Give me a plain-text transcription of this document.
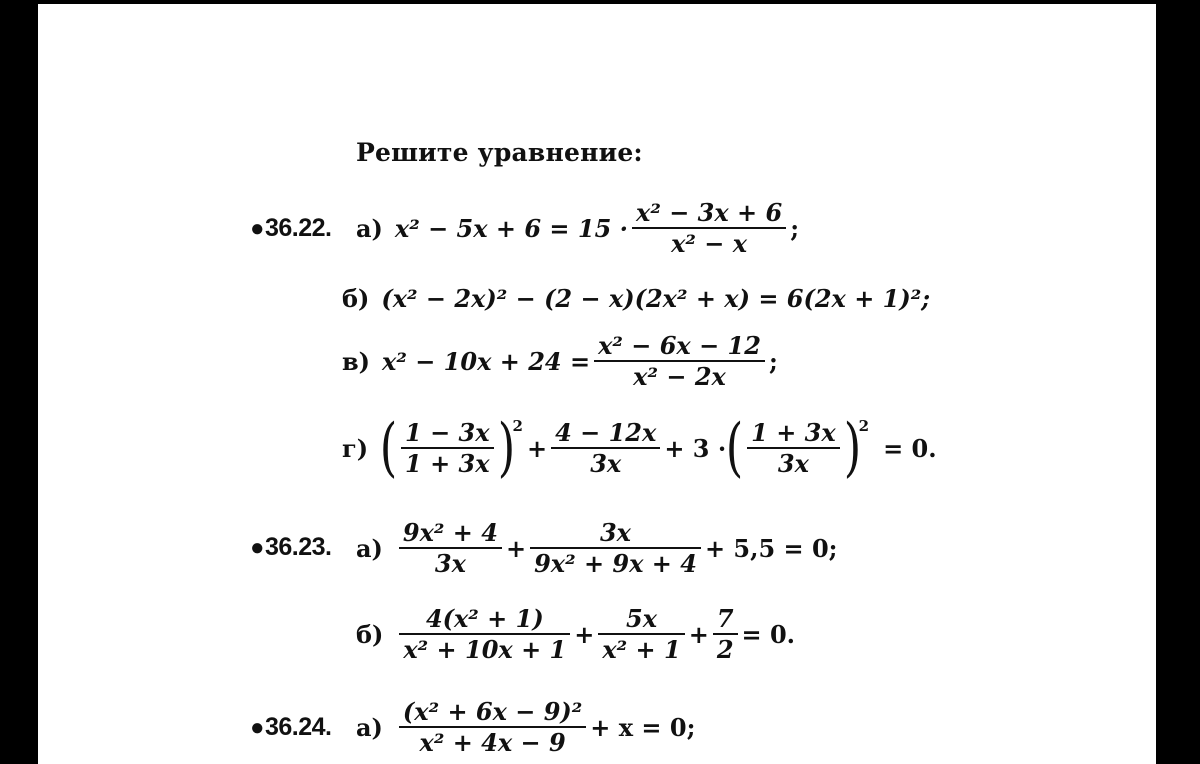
Решите уравнение:
●36.22. а) $x^2 - 5x + 6 = 15 \cdot \frac{\text{x² − 3x + 6}}{\text{x² − x}}$ ;
б) (x² − 2x)² − (2 − x)(2x² + x) = 6(2x + 1)²;
в) $x^2 - 10x + 24 = \frac{\text{x² − 6x − 12}}{\text{x² − 2x}}$ ;
г) ( $\frac{1 - 3x}{1 + 3x}$ )
2
+ $\frac{4 - 12x}{3x} + 3$ · ( $\frac{1 + 3x}{3x}$ )
2
= 0.
●36.23. $а) \frac{\text{9x² + 4}}{3x} + \frac{3x}{\text{9x² + 9x + 4}} + 5,5 = 0$;
$б) \frac{\text{4(x² + 1)}}{\text{x² + 10x + 1}} + \frac{5x}{\text{x² + 1}} + \frac{7}{2} = 0$.
●36.24. $а) \frac{\text{(x² + 6x − 9)²}}{\text{x² + 4x − 9}} + x = 0$;
